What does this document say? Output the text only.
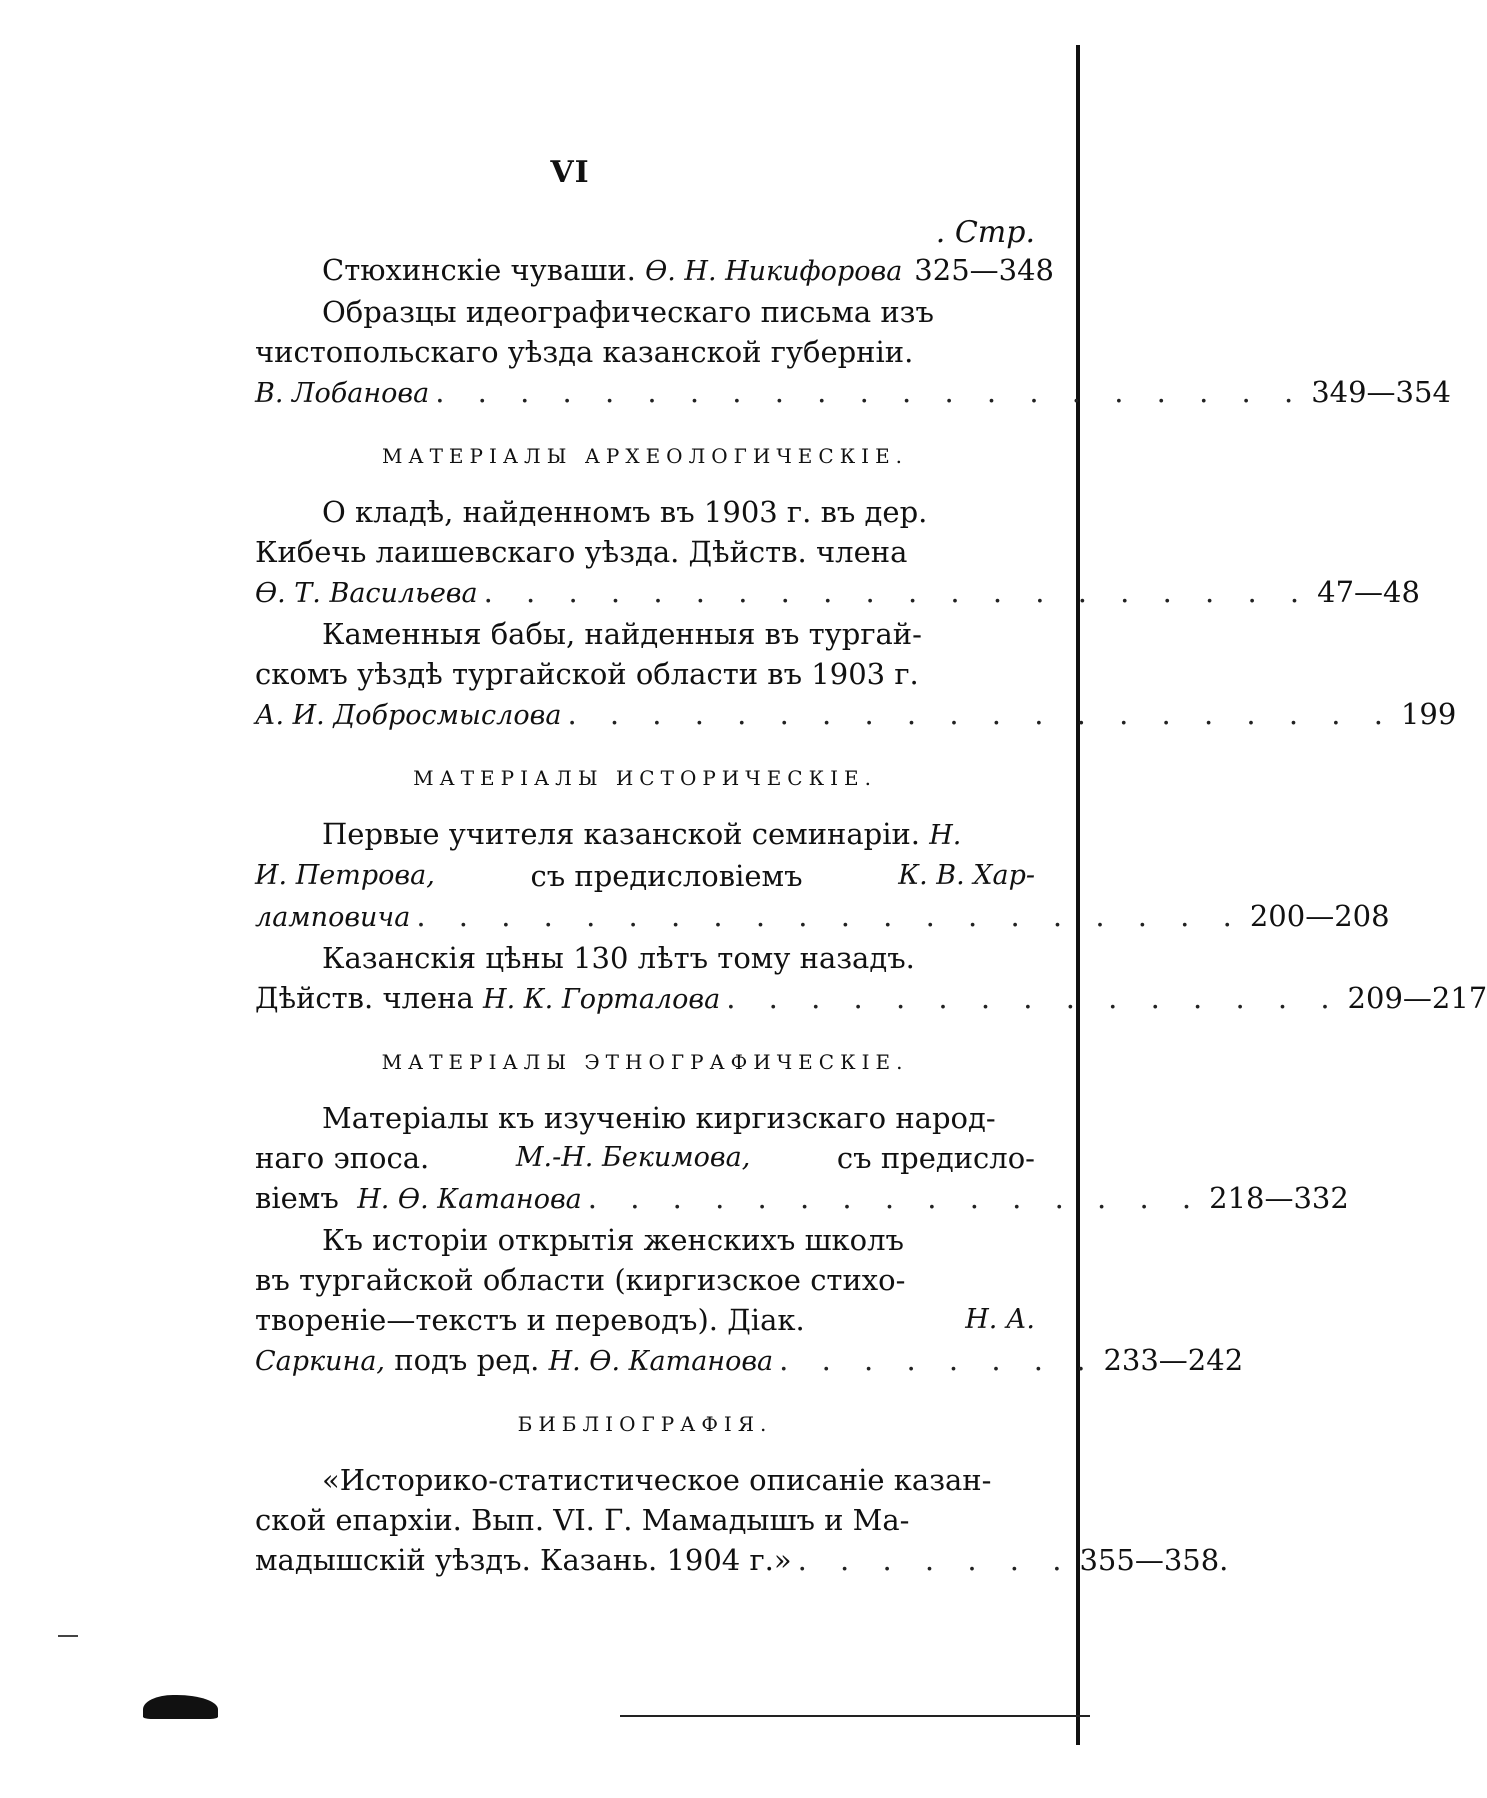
VI
. Стр.
Стюхинскіе чуваши.
Ѳ. Н. Никифорова 325—348
Образцы идеографическаго письма изъ
чистопольскаго уѣзда казанской губерніи.
В. Лобанова . . . . . . . . . . . . . . . . . . . . . 349—354
МАТЕРІАЛЫ АРХЕОЛОГИЧЕСКІЕ.
О кладѣ, найденномъ въ 1903 г. въ дер.
Кибечь лаишевскаго уѣзда. Дѣйств. члена
Ѳ. Т. Васильева . . . . . . . . . . . . . . . . . . . . 47—48
Каменныя бабы, найденныя въ тургай-
скомъ уѣздѣ тургайской области въ 1903 г.
А. И. Добросмыслова . . . . . . . . . . . . . . . . . . . . 199
МАТЕРІАЛЫ ИСТОРИЧЕСКІЕ.
Первые учителя казанской семинаріи. Н.
И. Петрова,	съ предисловіемъ	К. В. Хар-
ламповича . . . . . . . . . . . . . . . . . . . . 200—208
Казанскія цѣны 130 лѣтъ тому назадъ.
Дѣйств. члена
Н. К. Горталова . . . . . . . . . . . . . . . 209—217
МАТЕРІАЛЫ ЭТНОГРАФИЧЕСКІЕ.
Матеріалы къ изученію киргизскаго народ-
наго эпоса.	М.-Н. Бекимова,	съ предисло-
віемъ
Н. Ѳ. Катанова . . . . . . . . . . . . . . . 218—332
Къ исторіи открытія женскихъ школъ
въ тургайской области (киргизское стихо-
твореніе—текстъ и переводъ). Діак.	Н. А.
Саркина,
подъ ред.
Н. Ѳ. Катанова . . . . . . . . 233—242
БИБЛІОГРАФІЯ.
«Историко-статистическое описаніе казан-
ской епархіи. Вып. VI. Г. Мамадышъ и Ма-
мадышскій уѣздъ. Казань. 1904 г.» . . . . . . . 355—358.
